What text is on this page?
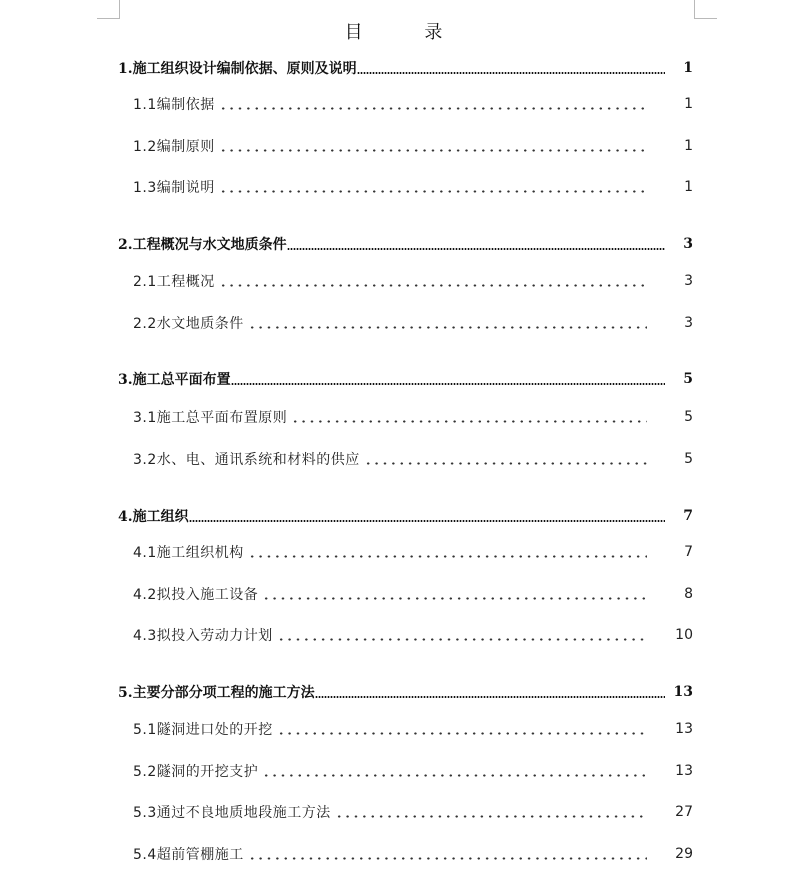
目 录
1.施工组织设计编制依据、原则及说明	1
1.1编制依据	1
1.2编制原则	1
1.3编制说明	1
2.工程概况与水文地质条件	3
2.1工程概况	3
2.2水文地质条件	3
3.施工总平面布置	5
3.1施工总平面布置原则	5
3.2水、电、通讯系统和材料的供应	5
4.施工组织	7
4.1施工组织机构	7
4.2拟投入施工设备	8
4.3拟投入劳动力计划	10
5.主要分部分项工程的施工方法	13
5.1隧洞进口处的开挖	13
5.2隧洞的开挖支护	13
5.3通过不良地质地段施工方法	27
5.4超前管棚施工	29
